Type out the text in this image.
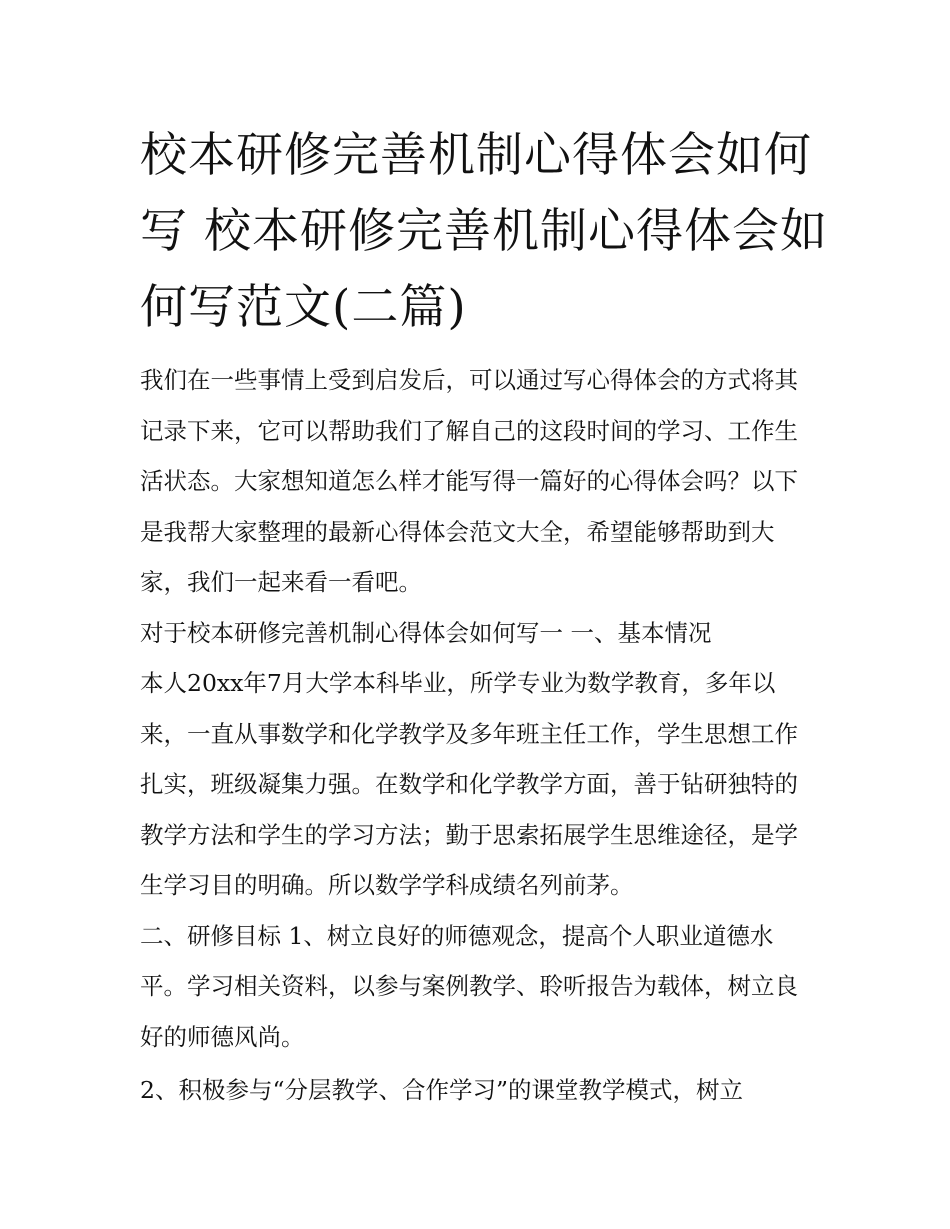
校本研修完善机制心得体会如何写 校本研修完善机制心得体会如何写范文(二篇)

我们在一些事情上受到启发后，可以通过写心得体会的方式将其记录下来，它可以帮助我们了解自己的这段时间的学习、工作生活状态。大家想知道怎么样才能写得一篇好的心得体会吗？以下是我帮大家整理的最新心得体会范文大全，希望能够帮助到大家，我们一起来看一看吧。

对于校本研修完善机制心得体会如何写一 一、基本情况

本人20xx年7月大学本科毕业，所学专业为数学教育，多年以来，一直从事数学和化学教学及多年班主任工作，学生思想工作扎实，班级凝集力强。在数学和化学教学方面，善于钻研独特的教学方法和学生的学习方法；勤于思索拓展学生思维途径，是学生学习目的明确。所以数学学科成绩名列前茅。

二、研修目标 1、树立良好的师德观念，提高个人职业道德水平。学习相关资料，以参与案例教学、聆听报告为载体，树立良好的师德风尚。

2、积极参与“分层教学、合作学习”的课堂教学模式，树立
